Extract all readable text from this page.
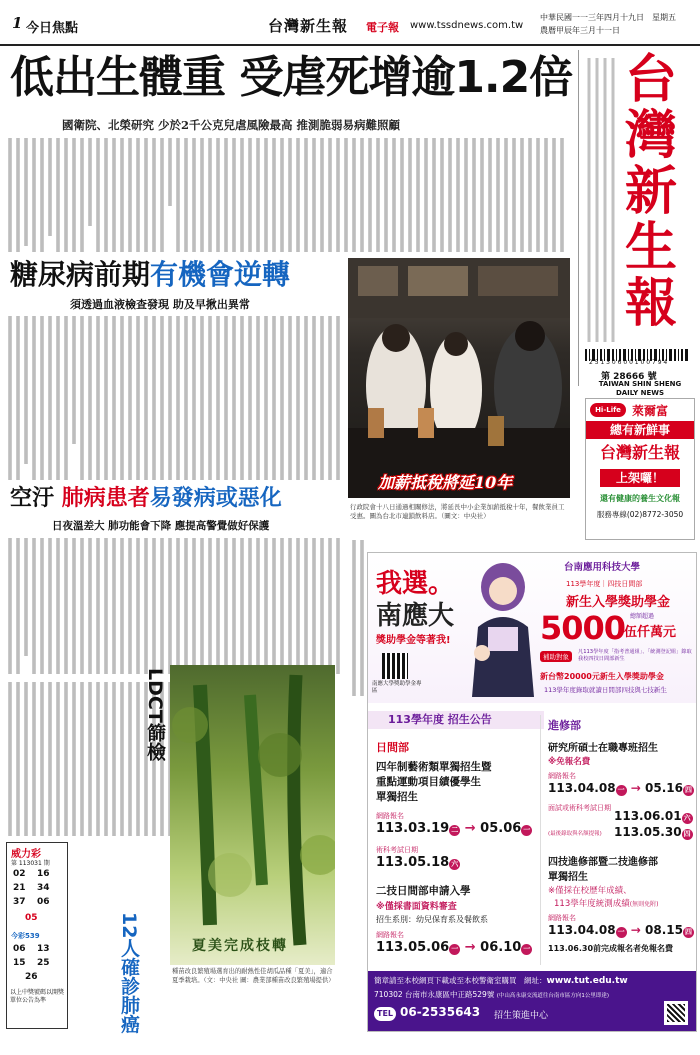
1 今日焦點	台灣新生報 電子報 www.tssdnews.com.tw
中華民國一一三年四月十九日　星期五
農曆甲辰年三月十一日
低出生體重 受虐死增逾1.2倍
國衛院、北榮研究 少於2千公克兒虐風險最高 推測脆弱易病難照顧
糖尿病前期有機會逆轉
須透過血液檢查發現 助及早揪出異常
加薪抵稅將延10年
行政院會十八日通過相關修法，將延長中小企業加薪抵稅十年，餐飲業員工受惠。圖為台北市連鎖飲料店。（圖文：中央社）
空汙 肺病患者易發病或惡化
日夜溫差大 肺功能會下降 應提高警覺做好保護
LDCT篩檢
12人確診肺癌	夏美完成枝轉
種苗改良繁殖場選育出的耐熱性佳胡瓜品種「夏美」，適合夏季栽培。（文：中央社 圖：農業部種苗改良繁殖場提供）
威力彩
第 113031 期
02 16
21 34
37 06
05
今彩539
06 13
15 25
26
以上中獎號碼以開獎單位公告為準
台
灣
新
生
報
2 5 1 3 0 6 0 0 1 0 0 7 9 4
第 28666 號
TAIWAN SHIN SHENG DAILY NEWS
Hi-Life 萊爾富
總有新鮮事
台灣新生報
上架囉！
還有健康的養生文化報
服務專線(02)8772-3050
我選。
南應大
獎助學金等著我!
南應大學獎助學金專區
台南應用科技大學
113學年度｜四技日間部
新生入學獎助學金
總額超過
5000
伍仟萬元
補助對象
凡113學年度「指考普通組」、「統測登記組」錄取我校四技日間部新生
新台幣20000元新生入學獎助學金
113學年度錄取就讀日間部四技與七技新生
113學年度 招生公告
日間部
四年制藝術類單獨招生暨
重點運動項目績優學生
單獨招生
網路報名
113.03.19 二 → 05.06 一
術科考試日期
113.05.18 六
二技日間部申請入學
※僅採書面資料審查
招生系別：幼兒保育系及餐飲系
網路報名
113.05.06 一 → 06.10 一
進修部
研究所碩士在職專班招生
※免報名費
網路報名
113.04.08 一 → 05.16 四
面試或術科考試日期
113.06.01 六
(最後錄取與名額提報) 113.05.30 四
四技進修部暨二技進修部
單獨招生
※僅採在校歷年成績、
113學年度統測成績(無則免附)
網路報名
113.04.08 一 → 08.15 四
113.06.30前完成報名者免報名費
簡章請至本校網頁下載或至本校警衛室購買　 網址：www.tut.edu.tw
710302 台南市永康區中正路529號 (中山高永康交流道往台南市區方向1公里即達)
TEL 06-2535643 招生策進中心
